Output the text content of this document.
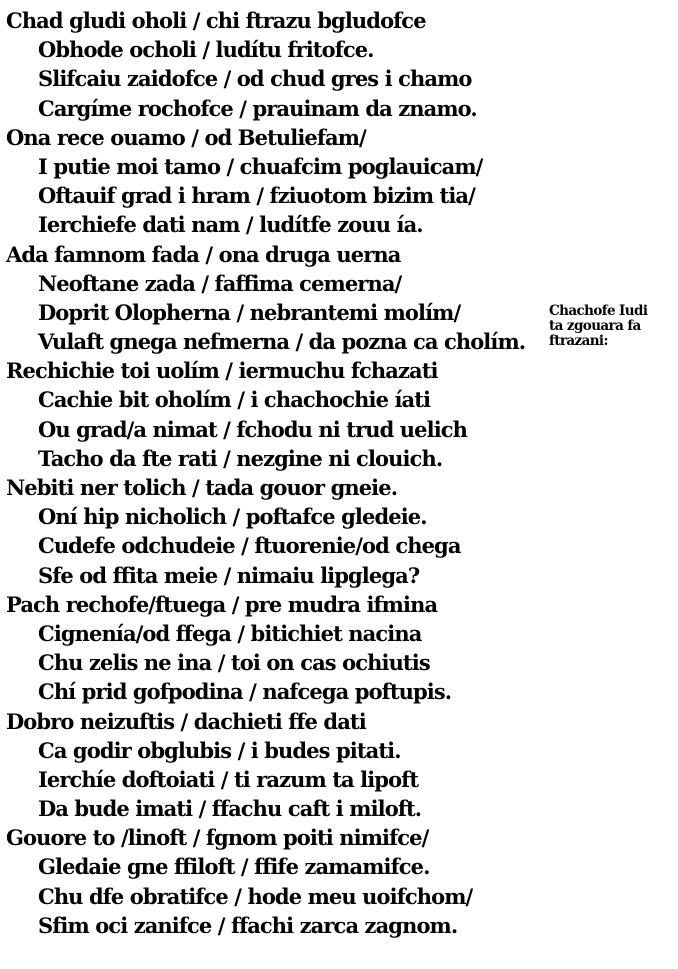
Chad gludi oholi / chi ftrazu bgludofce
Obhode ocholi / ludítu fritofce.
Slifcaiu zaidofce / od chud gres i chamo
Cargíme rochofce / prauinam da znamo.
Ona rece ouamo / od Betuliefam/
I putie moi tamo / chuafcim poglauicam/
Oftauif grad i hram / fziuotom bizim tia/
Ierchiefe dati nam / ludítfe zouu ía.
Ada famnom fada / ona druga uerna
Neoftane zada / faffima cemerna/
Doprit Olopherna / nebrantemi molím/
Vulaft gnega nefmerna / da pozna ca cholím.
Rechichie toi uolím / iermuchu fchazati
Cachie bit oholím / i chachochie íati
Ou grad/a nimat / fchodu ni trud uelich
Tacho da fte rati / nezgine ni clouich.
Nebiti ner tolich / tada gouor gneie.
Oní hip nicholich / poftafce gledeie.
Cudefe odchudeie / ftuorenie/od chega
Sfe od ffita meie / nimaiu lipglega?
Pach rechofe/ftuega / pre mudra ifmina
Cignenía/od ffega / bitichiet nacina
Chu zelis ne ina / toi on cas ochiutis
Chí prid gofpodina / nafcega poftupis.
Dobro neizuftis / dachieti ffe dati
Ca godir obglubis / i budes pitati.
Ierchíe doftoiati / ti razum ta lipoft
Da bude imati / ffachu caft i miloft.
Gouore to /linoft / fgnom poiti nimifce/
Gledaie gne ffiloft / ffife zamamifce.
Chu dfe obratifce / hode meu uoifchom/
Sfim oci zanifce / ffachi zarca zagnom.
Chachofe Iudi
ta zgouara fa
ftrazani:
